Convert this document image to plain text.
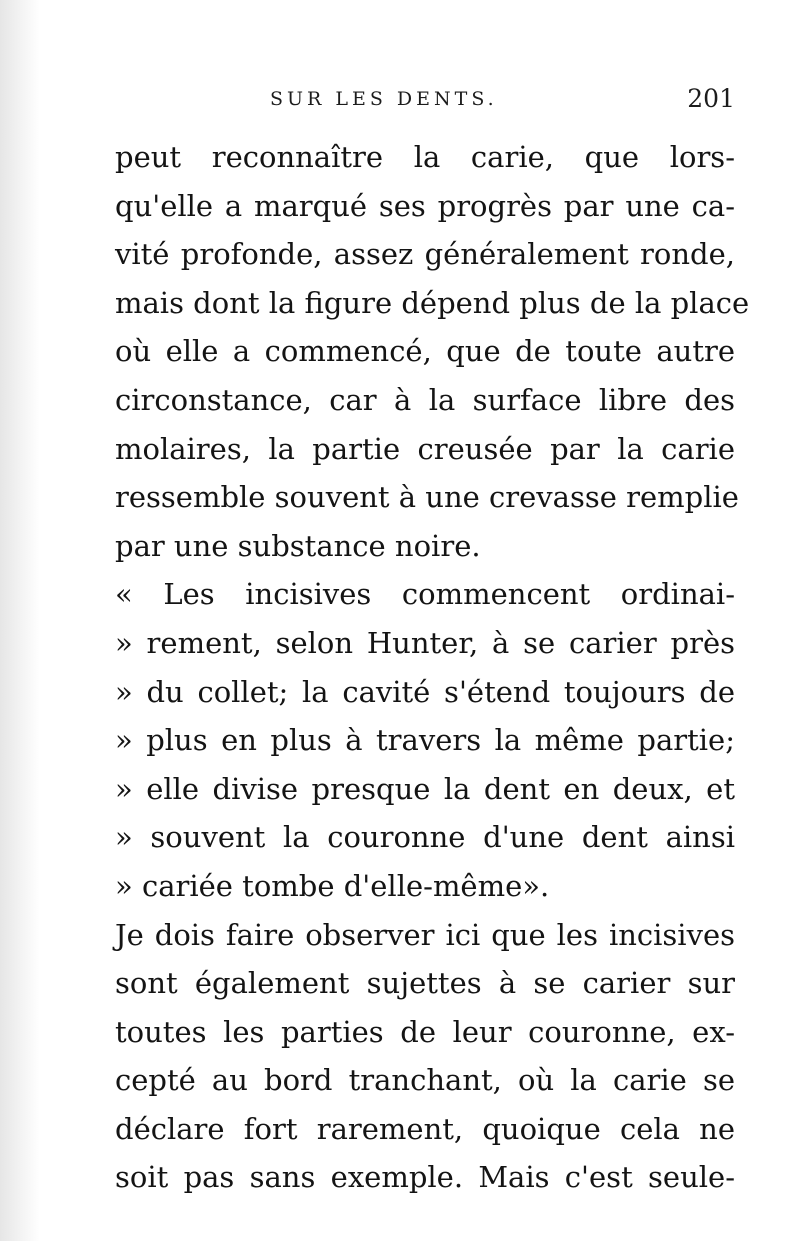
SUR LES DENTS.	201
peut reconnaître la carie, que lors-
qu'elle a marqué ses progrès par une ca-
vité profonde, assez généralement ronde,
mais dont la figure dépend plus de la place
où elle a commencé, que de toute autre
circonstance, car à la surface libre des
molaires, la partie creusée par la carie
ressemble souvent à une crevasse remplie
par une substance noire.
« Les incisives commencent ordinai-
» rement, selon Hunter, à se carier près
» du collet; la cavité s'étend toujours de
» plus en plus à travers la même partie;
» elle divise presque la dent en deux, et
» souvent la couronne d'une dent ainsi
» cariée tombe d'elle-même».
Je dois faire observer ici que les incisives
sont également sujettes à se carier sur
toutes les parties de leur couronne, ex-
cepté au bord tranchant, où la carie se
déclare fort rarement, quoique cela ne
soit pas sans exemple. Mais c'est seule-
